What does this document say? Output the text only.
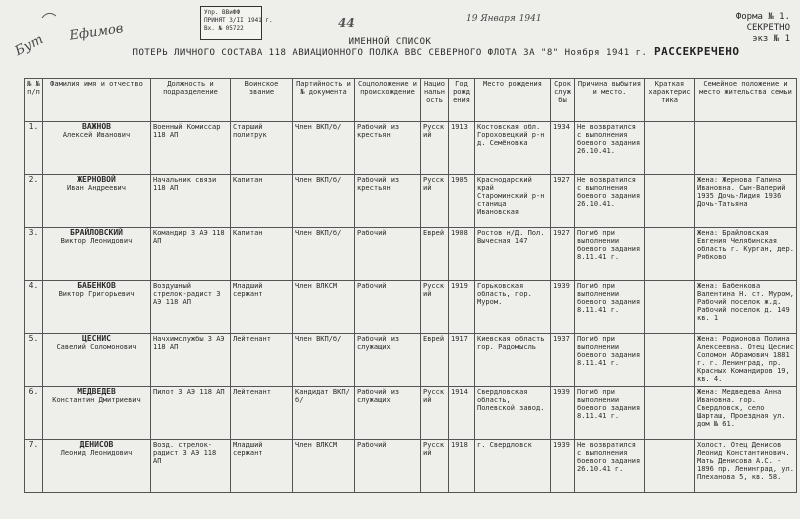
Бут Ефимов
Упр. ВВиФФ
ПРИНЯТ 3/II 1941 г.
Вх. № 05722	44	19 Января 1941	Форма № 1.
СЕКРЕТНО
экз № 1
РАССЕКРЕЧЕНО
ИМЕННОЙ СПИСОК
ПОТЕРЬ ЛИЧНОГО СОСТАВА 118 АВИАЦИОННОГО ПОЛКА ВВС СЕВЕРНОГО ФЛОТА ЗА "8" Ноября 1941 г.
№ № п/п	Фамилия имя и отчество	Должность и подразделение	Воинское звание	Партийность и № документа	Соцположение и происхождение	Национальность	Год рождения	Место рождения	Срок службы	Причина выбытия и место.	Краткая характеристика	Семейное положение и место жительства семьи
1.	ВАЖНОВ
Алексей Иванович	Военный Комиссар 118 АП	Старший политрук	Член ВКП/б/	Рабочий из крестьян	Русский	1913	Костовская обл. Гороховецкий р-н д. Семёновка	1934	Не возвратился с выполнения боевого задания 26.10.41.		
2.	ЖЕРНОВОЙ
Иван Андреевич	Начальник связи 118 АП	Капитан	Член ВКП/б/	Рабочий из крестьян	Русский	1905	Краснодарский край Староминский р-н станица Ивановская	1927	Не возвратился с выполнения боевого задания 26.10.41.		Жена: Жернова Галина Ивановна. Сын-Валерий 1935 Дочь-Лидия 1936 Дочь-Татьяна
3.	БРАЙЛОВСКИЙ
Виктор Леонидович	Командир 3 АЭ 118 АП	Капитан	Член ВКП/б/	Рабочий	Еврей	1908	Ростов н/Д. Пол. Вычесная 147	1927	Погиб при выполнении боевого задания 8.11.41 г.		Жена: Брайловская Евгения Челябинская область г. Курган, дер. Рябково
4.	БАБЕНКОВ
Виктор Григорьевич	Воздушный стрелок-радист 3 АЭ 118 АП	Младший сержант	Член ВЛКСМ	Рабочий	Русский	1919	Горьковская область, гор. Муром.	1939	Погиб при выполнении боевого задания 8.11.41 г.		Жена: Бабенкова Валентина Н. ст. Муром, Рабочий поселок ж.д. Рабочий поселок д. 149 кв. 1
5.	ЦЕСНИС
Савелий Соломонович	Начхимслужбы 3 АЭ 118 АП	Лейтенант	Член ВКП/б/	Рабочий из служащих	Еврей	1917	Киевская область гор. Радомысль	1937	Погиб при выполнении боевого задания 8.11.41 г.		Жена: Родионова Полина Алексеевна. Отец Цеснис Соломон Абрамович 1881 г. г. Ленинград, пр. Красных Командиров 19, кв. 4.
6.	МЕДВЕДЕВ
Константин Дмитриевич	Пилот 3 АЭ 118 АП	Лейтенант	Кандидат ВКП/б/	Рабочий из служащих	Русский	1914	Свердловская область, Полевской завод.	1939	Погиб при выполнении боевого задания 8.11.41 г.		Жена: Медведева Анна Ивановна. гор. Свердловск, село Шарташ, Проездная ул. дом № 61.
7.	ДЕНИСОВ
Леонид Леонидович	Возд. стрелок-радист 3 АЭ 118 АП	Младший сержант	Член ВЛКСМ	Рабочий	Русский	1918	г. Свердловск	1939	Не возвратился с выполнения боевого задания 26.10.41 г.		Холост. Отец Денисов Леонид Константинович. Мать Денисова А.С. - 1896 пр. Ленинград, ул. Плеханова 5, кв. 58.
